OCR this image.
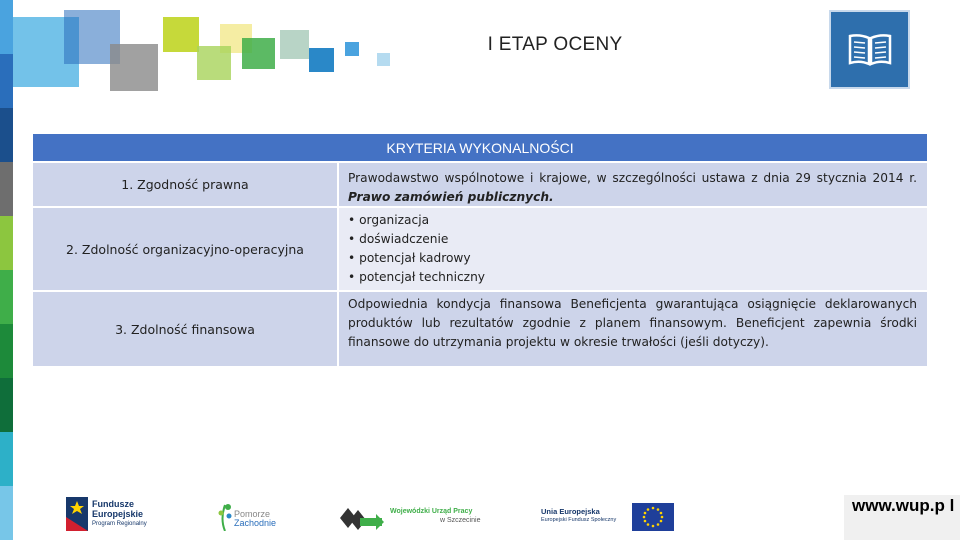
I ETAP OCENY
KRYTERIA WYKONALNOŚCI
1. Zgodność prawna	Prawodawstwo wspólnotowe i krajowe, w szczególności ustawa z dnia 29 stycznia 2014 r. Prawo zamówień publicznych.
2. Zdolność organizacyjno-operacyjna
• organizacja
• doświadczenie
• potencjał kadrowy
• potencjał techniczny
3. Zdolność finansowa
Odpowiednia kondycja finansowa Beneficjenta gwarantująca osiągnięcie deklarowanych produktów lub rezultatów zgodnie z planem finansowym. Beneficjent zapewnia środki finansowe do utrzymania projektu w okresie trwałości (jeśli dotyczy).
Fundusze
Europejskie
Program Regionalny
Pomorze
Zachodnie
Wojewódzki Urząd Pracy
w Szczecinie
Unia Europejska
Europejski Fundusz Społeczny
www.wup.p l
